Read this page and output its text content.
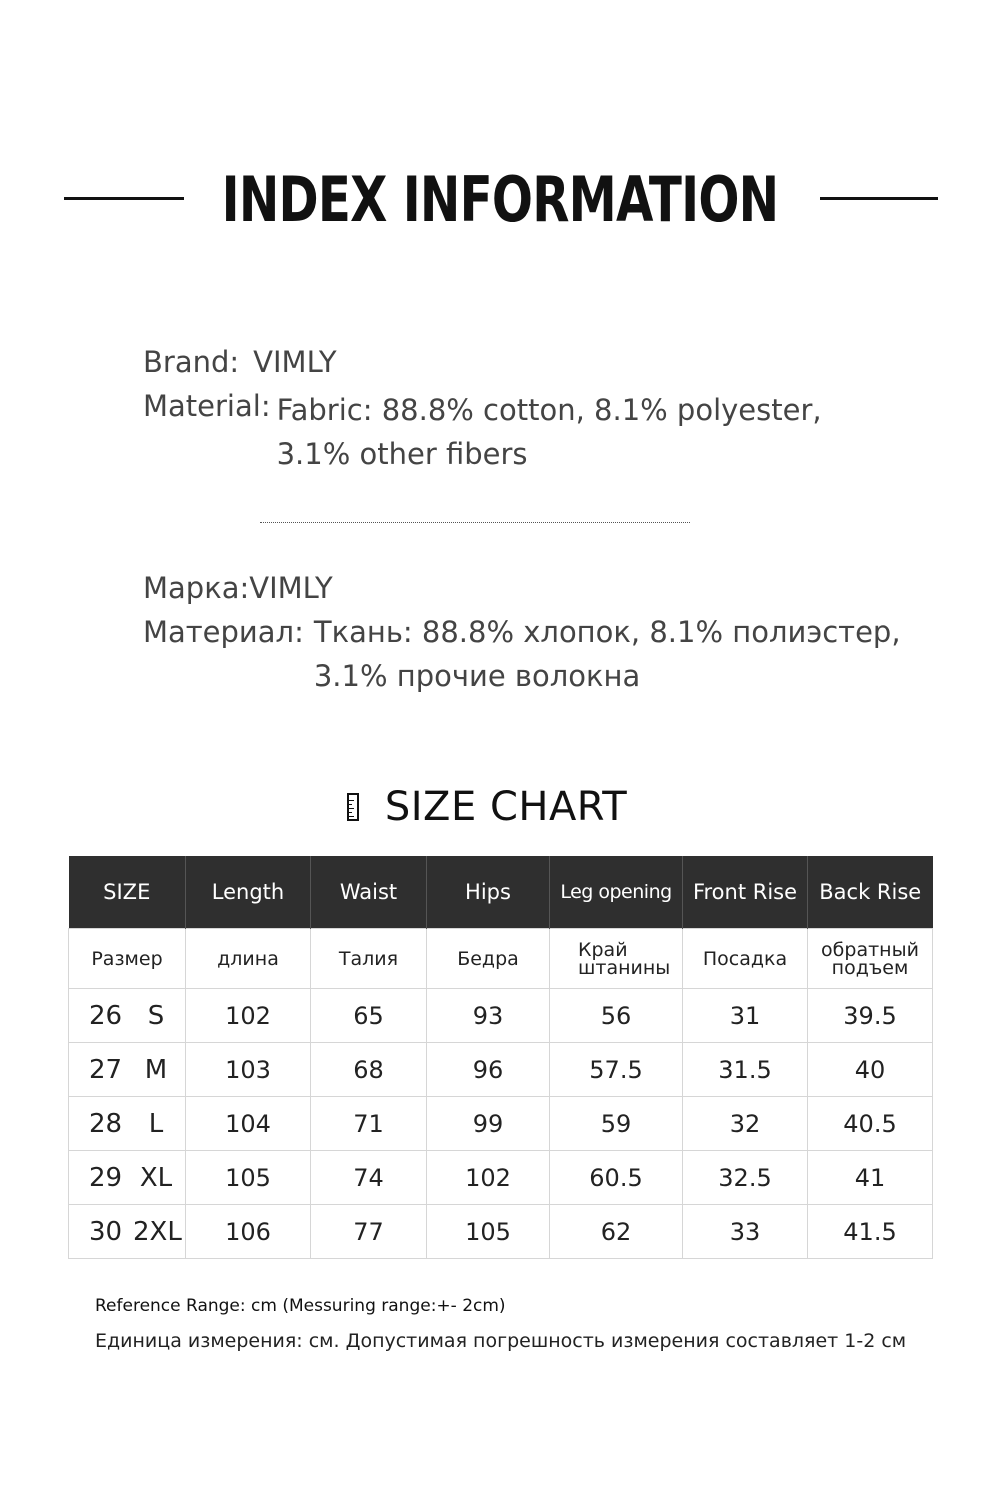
INDEX INFORMATION
Brand: VIMLY
Material: Fabric: 88.8% cotton, 8.1% polyester,
3.1% other fibers
Марка: VIMLY
Материал: Ткань: 88.8% хлопок, 8.1% полиэстер,
3.1% прочие волокна
SIZE CHART
SIZE	Length	Waist	Hips	Leg opening	Front Rise	Back Rise
Размер	длина	Талия	Бедра	Край штанины	Посадка	обратный подъем
26 S	102	65	93	56	31	39.5
27 M	103	68	96	57.5	31.5	40
28 L	104	71	99	59	32	40.5
29 XL	105	74	102	60.5	32.5	41
30 2XL	106	77	105	62	33	41.5
Reference Range: cm (Messuring range:+- 2cm)
Единица измерения: см. Допустимая погрешность измерения составляет 1-2 см
